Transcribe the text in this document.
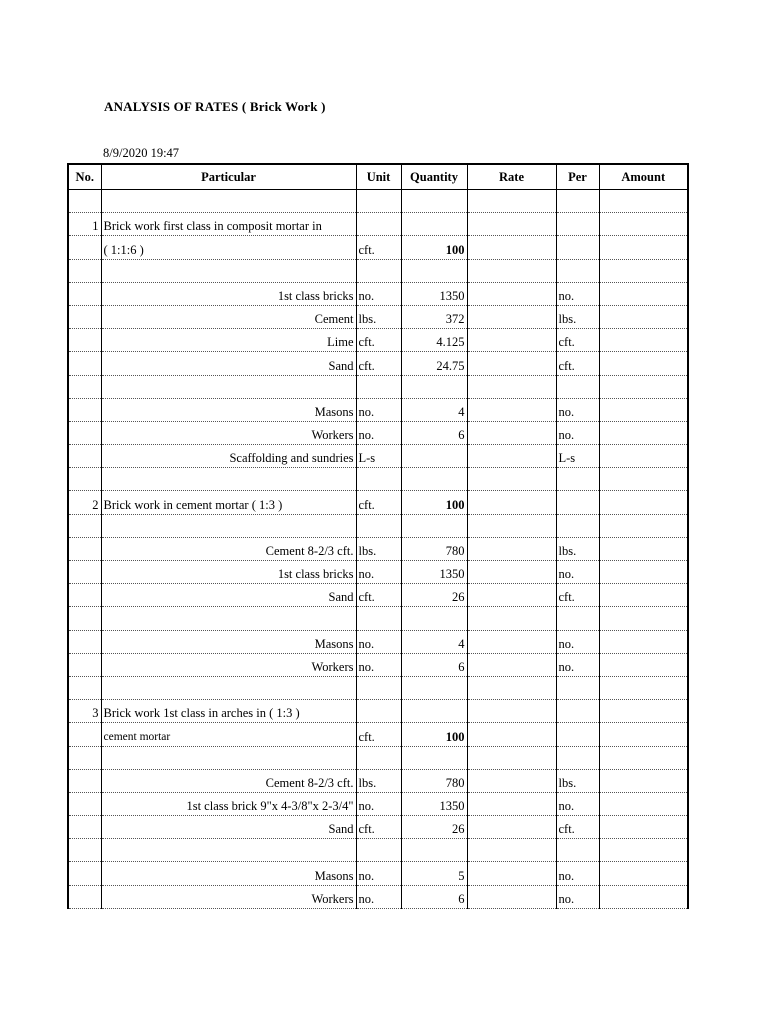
ANALYSIS OF RATES ( Brick Work )
8/9/2020 19:47
No.	Particular	Unit	Quantity	Rate	Per	Amount

1	Brick work first class in composit mortar in					
	( 1:1:6 )	cft.	100			

	1st class bricks	no.	1350		no.	
	Cement	lbs.	372		lbs.	
	Lime	cft.	4.125		cft.	
	Sand	cft.	24.75		cft.	

	Masons	no.	4		no.	
	Workers	no.	6		no.	
	Scaffolding and sundries	L-s			L-s	

2	Brick work in cement mortar ( 1:3 )	cft.	100			

	Cement 8-2/3 cft.	lbs.	780		lbs.	
	1st class bricks	no.	1350		no.	
	Sand	cft.	26		cft.	

	Masons	no.	4		no.	
	Workers	no.	6		no.	

3	Brick work 1st class in arches in ( 1:3 )					
	cement mortar	cft.	100			

	Cement 8-2/3 cft.	lbs.	780		lbs.	
	1st class brick 9"x 4-3/8"x 2-3/4"	no.	1350		no.	
	Sand	cft.	26		cft.	

	Masons	no.	5		no.	
	Workers	no.	6		no.	
